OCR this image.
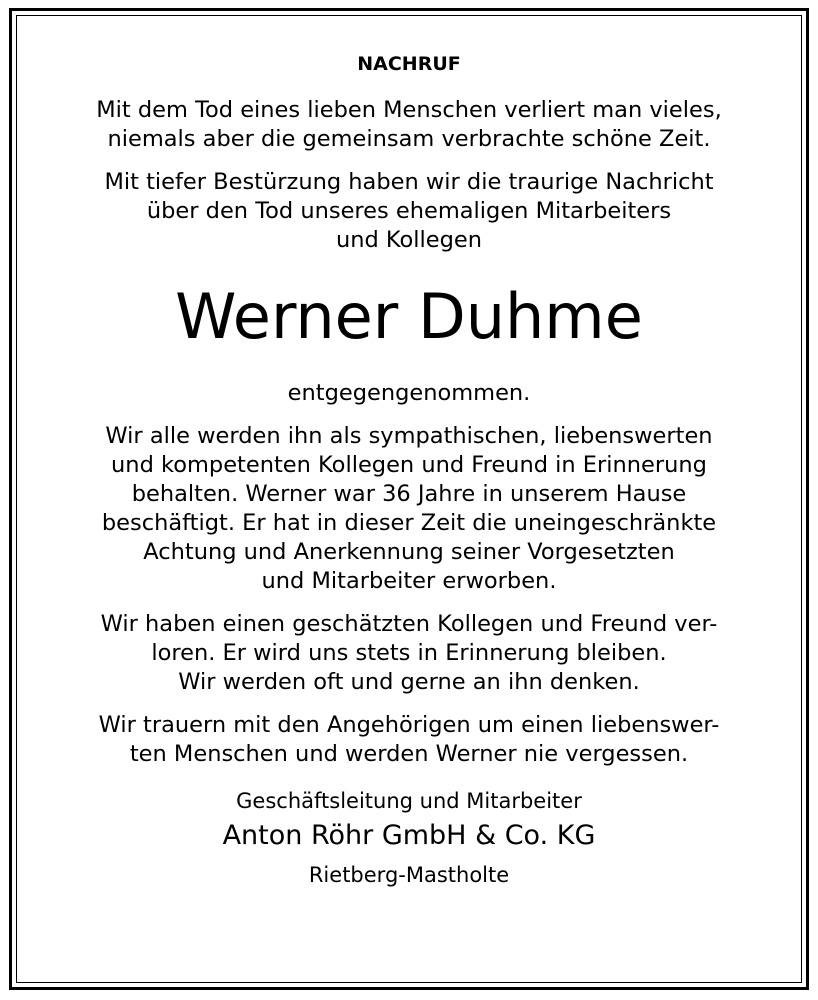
NACHRUF

Mit dem Tod eines lieben Menschen verliert man vieles,
niemals aber die gemeinsam verbrachte schöne Zeit.

Mit tiefer Bestürzung haben wir die traurige Nachricht
über den Tod unseres ehemaligen Mitarbeiters
und Kollegen

Werner Duhme

entgegengenommen.

Wir alle werden ihn als sympathischen, liebenswerten
und kompetenten Kollegen und Freund in Erinnerung
behalten. Werner war 36 Jahre in unserem Hause
beschäftigt. Er hat in dieser Zeit die uneingeschränkte
Achtung und Anerkennung seiner Vorgesetzten
und Mitarbeiter erworben.

Wir haben einen geschätzten Kollegen und Freund ver-
loren. Er wird uns stets in Erinnerung bleiben.
Wir werden oft und gerne an ihn denken.

Wir trauern mit den Angehörigen um einen liebenswer-
ten Menschen und werden Werner nie vergessen.

Geschäftsleitung und Mitarbeiter
Anton Röhr GmbH & Co. KG
Rietberg-Mastholte
